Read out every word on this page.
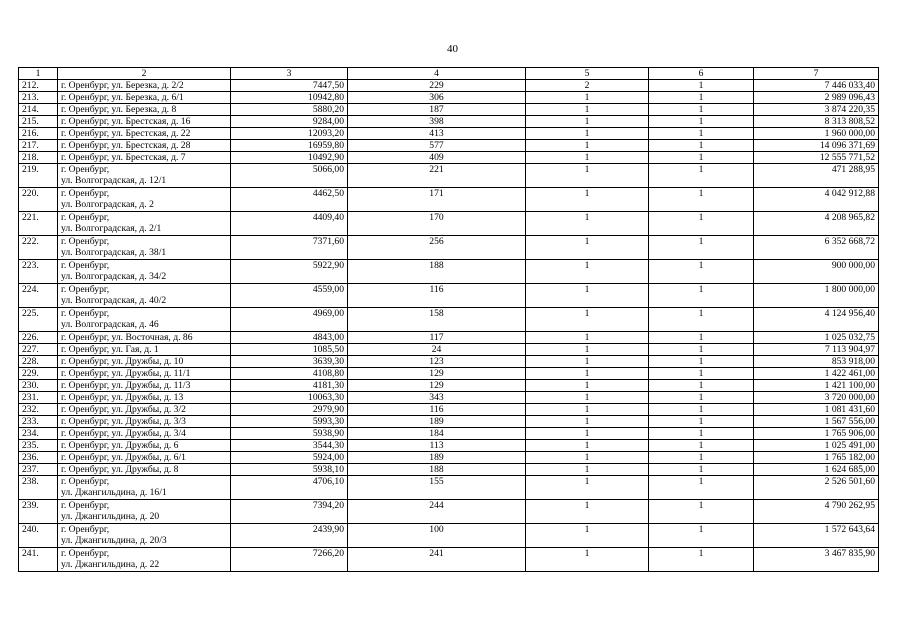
40
1	2	3	4	5	6	7
212.	г. Оренбург, ул. Березка, д. 2/2	7447,50	229	2	1	7 446 033,40
213.	г. Оренбург, ул. Березка, д. 6/1	10942,80	306	1	1	2 989 096,43
214.	г. Оренбург, ул. Березка, д. 8	5880,20	187	1	1	3 874 220,35
215.	г. Оренбург, ул. Брестская, д. 16	9284,00	398	1	1	8 313 808,52
216.	г. Оренбург, ул. Брестская, д. 22	12093,20	413	1	1	1 960 000,00
217.	г. Оренбург, ул. Брестская, д. 28	16959,80	577	1	1	14 096 371,69
218.	г. Оренбург, ул. Брестская, д. 7	10492,90	409	1	1	12 555 771,52
219.	г. Оренбург,
ул. Волгоградская, д. 12/1	5066,00	221	1	1	471 288,95
220.	г. Оренбург,
ул. Волгоградская, д. 2	4462,50	171	1	1	4 042 912,88
221.	г. Оренбург,
ул. Волгоградская, д. 2/1	4409,40	170	1	1	4 208 965,82
222.	г. Оренбург,
ул. Волгоградская, д. 38/1	7371,60	256	1	1	6 352 668,72
223.	г. Оренбург,
ул. Волгоградская, д. 34/2	5922,90	188	1	1	900 000,00
224.	г. Оренбург,
ул. Волгоградская, д. 40/2	4559,00	116	1	1	1 800 000,00
225.	г. Оренбург,
ул. Волгоградская, д. 46	4969,00	158	1	1	4 124 956,40
226.	г. Оренбург, ул. Восточная, д. 86	4843,00	117	1	1	1 025 032,75
227.	г. Оренбург, ул. Гая, д. 1	1085,50	24	1	1	7 113 904,97
228.	г. Оренбург, ул. Дружбы, д. 10	3639,30	123	1	1	853 918,00
229.	г. Оренбург, ул. Дружбы, д. 11/1	4108,80	129	1	1	1 422 461,00
230.	г. Оренбург, ул. Дружбы, д. 11/3	4181,30	129	1	1	1 421 100,00
231.	г. Оренбург, ул. Дружбы, д. 13	10063,30	343	1	1	3 720 000,00
232.	г. Оренбург, ул. Дружбы, д. 3/2	2979,90	116	1	1	1 081 431,60
233.	г. Оренбург, ул. Дружбы, д. 3/3	5993,30	189	1	1	1 567 556,00
234.	г. Оренбург, ул. Дружбы, д. 3/4	5938,90	184	1	1	1 765 906,00
235.	г. Оренбург, ул. Дружбы, д. 6	3544,30	113	1	1	1 025 491,00
236.	г. Оренбург, ул. Дружбы, д. 6/1	5924,00	189	1	1	1 765 182,00
237.	г. Оренбург, ул. Дружбы, д. 8	5938,10	188	1	1	1 624 685,00
238.	г. Оренбург,
ул. Джангильдина, д. 16/1	4706,10	155	1	1	2 526 501,60
239.	г. Оренбург,
ул. Джангильдина, д. 20	7394,20	244	1	1	4 790 262,95
240.	г. Оренбург,
ул. Джангильдина, д. 20/3	2439,90	100	1	1	1 572 643,64
241.	г. Оренбург,
ул. Джангильдина, д. 22	7266,20	241	1	1	3 467 835,90
